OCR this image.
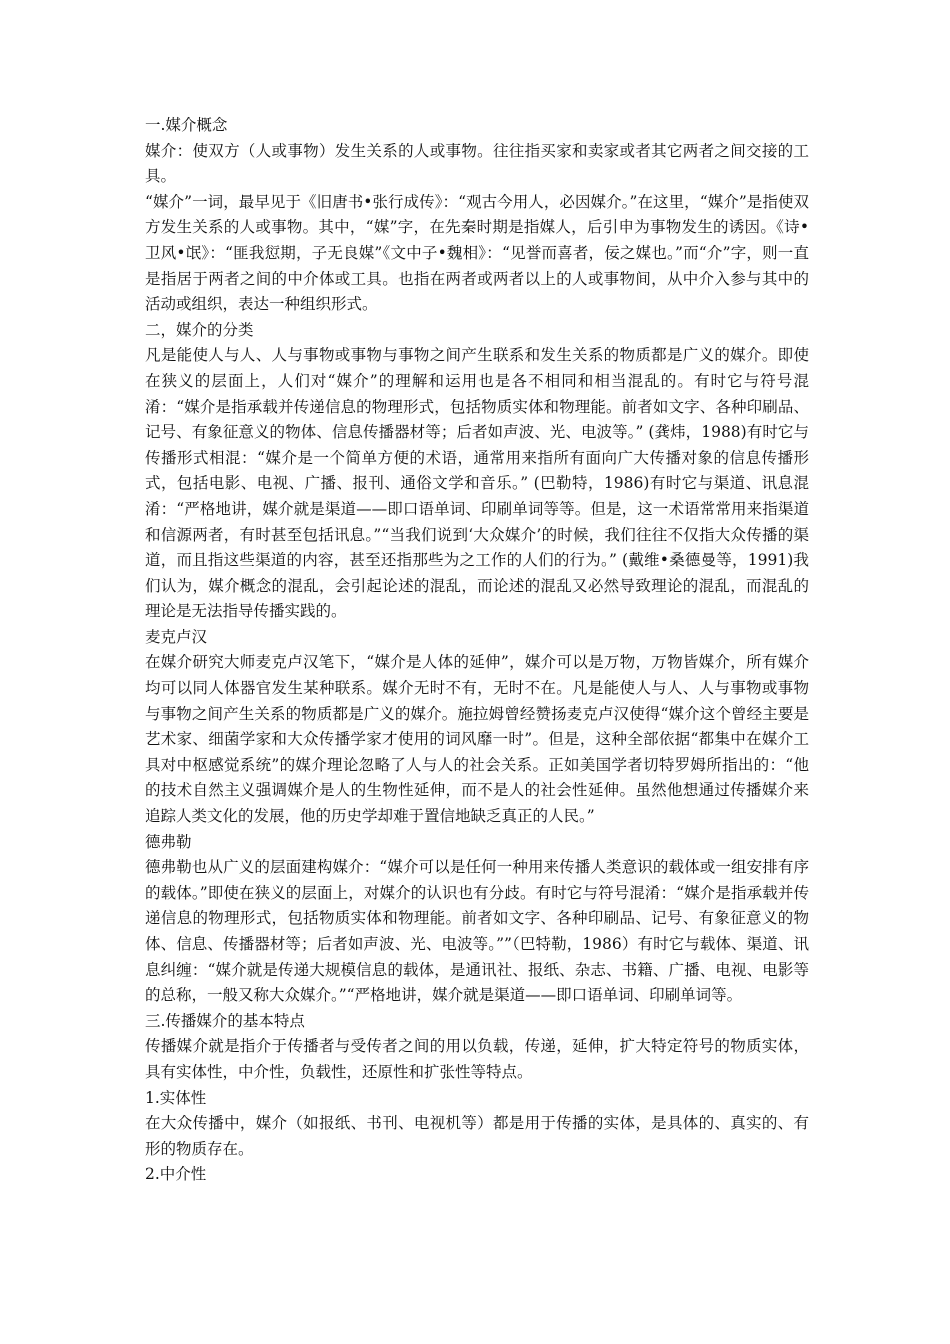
一.媒介概念

媒介：使双方（人或事物）发生关系的人或事物。往往指买家和卖家或者其它两者之间交接的工具。

“媒介”一词，最早见于《旧唐书•张行成传》：“观古今用人，必因媒介。”在这里，“媒介”是指使双方发生关系的人或事物。其中，“媒”字，在先秦时期是指媒人，后引申为事物发生的诱因。《诗•卫风•氓》：“匪我愆期，子无良媒”《文中子•魏相》：“见誉而喜者，佞之媒也。”而“介”字，则一直是指居于两者之间的中介体或工具。也指在两者或两者以上的人或事物间，从中介入参与其中的活动或组织，表达一种组织形式。

二，媒介的分类

凡是能使人与人、人与事物或事物与事物之间产生联系和发生关系的物质都是广义的媒介。即使在狭义的层面上，人们对“媒介”的理解和运用也是各不相同和相当混乱的。有时它与符号混淆：“媒介是指承载并传递信息的物理形式，包括物质实体和物理能。前者如文字、各种印刷品、记号、有象征意义的物体、信息传播器材等；后者如声波、光、电波等。” (龚炜，1988)有时它与传播形式相混：“媒介是一个简单方便的术语，通常用来指所有面向广大传播对象的信息传播形式，包括电影、电视、广播、报刊、通俗文学和音乐。” (巴勒特，1986)有时它与渠道、讯息混淆：“严格地讲，媒介就是渠道——即口语单词、印刷单词等等。但是，这一术语常常用来指渠道和信源两者，有时甚至包括讯息。”“当我们说到‘大众媒介’的时候，我们往往不仅指大众传播的渠道，而且指这些渠道的内容，甚至还指那些为之工作的人们的行为。” (戴维•桑德曼等，1991)我们认为，媒介概念的混乱，会引起论述的混乱，而论述的混乱又必然导致理论的混乱，而混乱的理论是无法指导传播实践的。

麦克卢汉

在媒介研究大师麦克卢汉笔下，“媒介是人体的延伸”，媒介可以是万物，万物皆媒介，所有媒介均可以同人体器官发生某种联系。媒介无时不有，无时不在。凡是能使人与人、人与事物或事物与事物之间产生关系的物质都是广义的媒介。施拉姆曾经赞扬麦克卢汉使得“媒介这个曾经主要是艺术家、细菌学家和大众传播学家才使用的词风靡一时”。但是，这种全部依据“都集中在媒介工具对中枢感觉系统”的媒介理论忽略了人与人的社会关系。正如美国学者切特罗姆所指出的：“他的技术自然主义强调媒介是人的生物性延伸，而不是人的社会性延伸。虽然他想通过传播媒介来追踪人类文化的发展，他的历史学却难于置信地缺乏真正的人民。”

德弗勒

德弗勒也从广义的层面建构媒介：“媒介可以是任何一种用来传播人类意识的载体或一组安排有序的载体。”即使在狭义的层面上，对媒介的认识也有分歧。有时它与符号混淆：“媒介是指承载并传递信息的物理形式，包括物质实体和物理能。前者如文字、各种印刷品、记号、有象征意义的物体、信息、传播器材等；后者如声波、光、电波等。””（巴特勒，1986）有时它与载体、渠道、讯息纠缠：“媒介就是传递大规模信息的载体，是通讯社、报纸、杂志、书籍、广播、电视、电影等的总称，一般又称大众媒介。”“严格地讲，媒介就是渠道——即口语单词、印刷单词等。

三.传播媒介的基本特点

传播媒介就是指介于传播者与受传者之间的用以负载，传递，延伸，扩大特定符号的物质实体，具有实体性，中介性，负载性，还原性和扩张性等特点。

1.实体性

在大众传播中，媒介（如报纸、书刊、电视机等）都是用于传播的实体，是具体的、真实的、有形的物质存在。

2.中介性
